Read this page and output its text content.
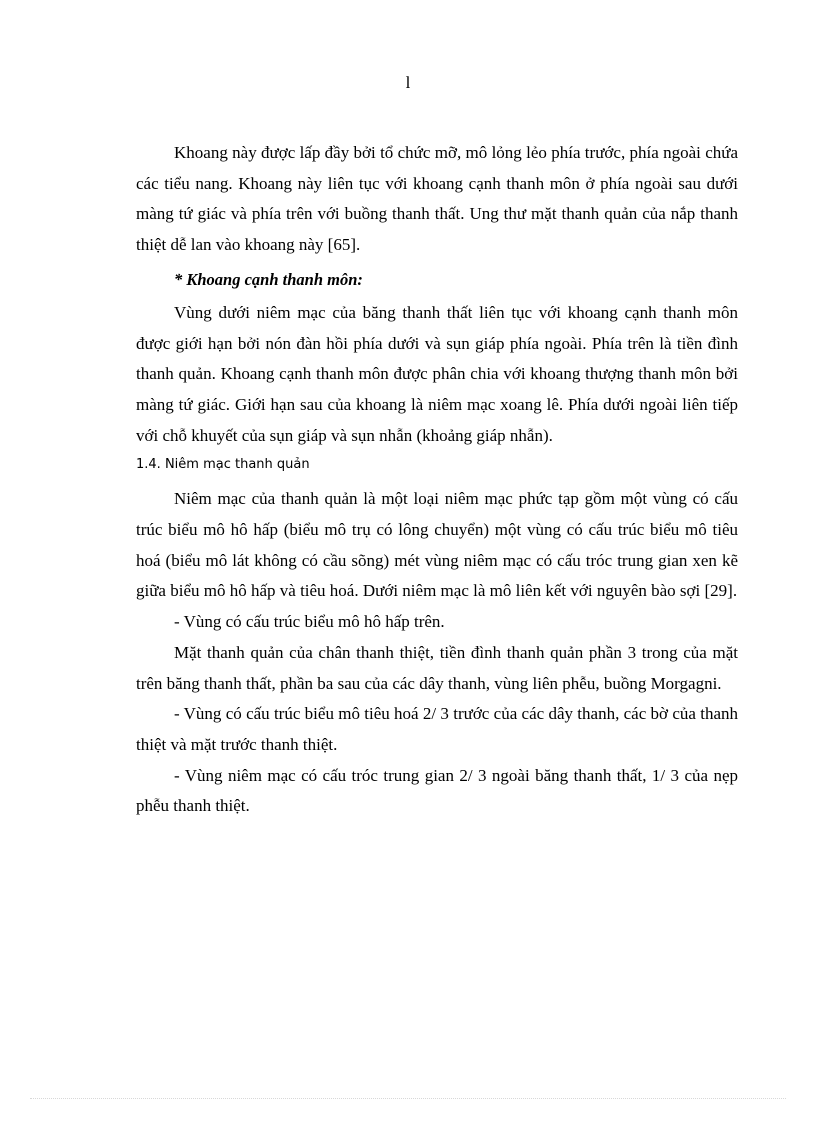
l

Khoang này được lấp đầy bởi tổ chức mỡ, mô lỏng lẻo phía trước, phía ngoài chứa các tiểu nang. Khoang này liên tục với khoang cạnh thanh môn ở phía ngoài sau dưới màng tứ giác và phía trên với buồng thanh thất. Ung thư mặt thanh quản của nắp thanh thiệt dễ lan vào khoang này [65].

* Khoang cạnh thanh môn:

Vùng dưới niêm mạc của băng thanh thất liên tục với khoang cạnh thanh môn được giới hạn bởi nón đàn hồi phía dưới và sụn giáp phía ngoài. Phía trên là tiền đình thanh quản. Khoang cạnh thanh môn được phân chia với khoang thượng thanh môn bởi màng tứ giác. Giới hạn sau của khoang là niêm mạc xoang lê. Phía dưới ngoài liên tiếp với chỗ khuyết của sụn giáp và sụn nhẫn (khoảng giáp nhẫn).

1.4. Niêm mạc thanh quản

Niêm mạc của thanh quản là một loại niêm mạc phức tạp gồm một vùng có cấu trúc biểu mô hô hấp (biểu mô trụ có lông chuyển) một vùng có cấu trúc biểu mô tiêu hoá (biểu mô lát không có cầu sõng) mét vùng niêm mạc có cấu tróc trung gian xen kẽ giữa biểu mô hô hấp và tiêu hoá. Dưới niêm mạc là mô liên kết với nguyên bào sợi [29].

- Vùng có cấu trúc biểu mô hô hấp trên.

Mặt thanh quản của chân thanh thiệt, tiền đình thanh quản phần 3 trong của mặt trên băng thanh thất, phần ba sau của các dây thanh, vùng liên phễu, buồng Morgagni.

- Vùng có cấu trúc biểu mô tiêu hoá 2/ 3 trước của các dây thanh, các bờ của thanh thiệt và mặt trước thanh thiệt.

- Vùng niêm mạc có cấu tróc trung gian 2/ 3 ngoài băng thanh thất, 1/ 3 của nẹp phễu thanh thiệt.
